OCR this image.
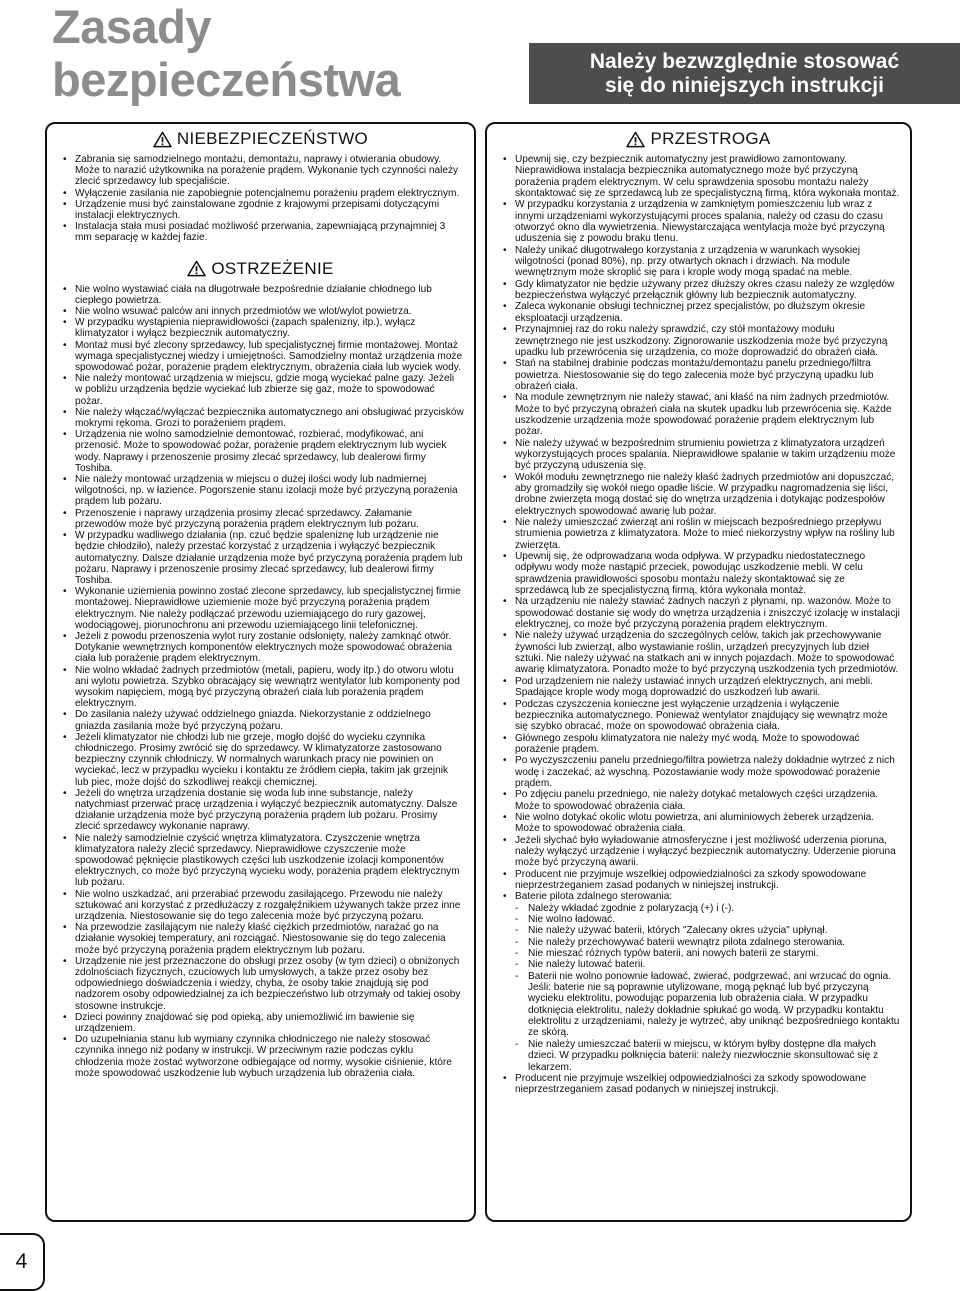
Zasady
bezpieczeństwa	Należy bezwzględnie stosować
się do niniejszych instrukcji
NIEBEZPIECZEŃSTWO
• Zabrania się samodzielnego montażu, demontażu, naprawy i otwierania obudowy. Może to narazić użytkownika na porażenie prądem. Wykonanie tych czynności należy zlecić sprzedawcy lub specjaliście.
• Wyłączenie zasilania nie zapobiegnie potencjalnemu porażeniu prądem elektrycznym.
• Urządzenie musi być zainstalowane zgodnie z krajowymi przepisami dotyczącymi instalacji elektrycznych.
• Instalacja stała musi posiadać możliwość przerwania, zapewniającą przynajmniej 3 mm separację w każdej fazie.
OSTRZEŻENIE
• Nie wolno wystawiać ciała na długotrwałe bezpośrednie działanie chłodnego lub ciepłego powietrza.
• Nie wolno wsuwać palców ani innych przedmiotów we wlot/wylot powietrza.
• W przypadku wystąpienia nieprawidłowości (zapach spalenizny, itp.), wyłącz klimatyzator i wyłącz bezpiecznik automatyczny.
• Montaż musi być zlecony sprzedawcy, lub specjalistycznej firmie montażowej. Montaż wymaga specjalistycznej wiedzy i umiejętności. Samodzielny montaż urządzenia może spowodować pożar, porażenie prądem elektrycznym, obrażenia ciała lub wyciek wody.
• Nie należy montować urządzenia w miejscu, gdzie mogą wyciekać palne gazy. Jeżeli w pobliżu urządzenia będzie wyciekać lub zbierze się gaz, może to spowodować pożar.
• Nie należy włączać/wyłączać bezpiecznika automatycznego ani obsługiwać przycisków mokrymi rękoma. Grozi to porażeniem prądem.
• Urządzenia nie wolno samodzielnie demontować, rozbierać, modyfikować, ani przenosić. Może to spowodować pożar, porażenie prądem elektrycznym lub wyciek wody. Naprawy i przenoszenie prosimy zlecać sprzedawcy, lub dealerowi firmy Toshiba.
• Nie należy montować urządzenia w miejscu o dużej ilości wody lub nadmiernej wilgotności, np. w łazience. Pogorszenie stanu izolacji może być przyczyną porażenia prądem lub pożaru.
• Przenoszenie i naprawy urządzenia prosimy zlecać sprzedawcy. Załamanie przewodów może być przyczyną porażenia prądem elektrycznym lub pożaru.
• W przypadku wadliwego działania (np. czuć będzie spaleniznę lub urządzenie nie będzie chłodziło), należy przestać korzystać z urządzenia i wyłączyć bezpiecznik automatyczny. Dalsze działanie urządzenia może być przyczyną porażenia prądem lub pożaru. Naprawy i przenoszenie prosimy zlecać sprzedawcy, lub dealerowi firmy Toshiba.
• Wykonanie uziemienia powinno zostać zlecone sprzedawcy, lub specjalistycznej firmie montażowej. Nieprawidłowe uziemienie może być przyczyną porażenia prądem elektrycznym. Nie należy podłączać przewodu uziemiającego do rury gazowej, wodociągowej, piorunochronu ani przewodu uziemiającego linii telefonicznej.
• Jeżeli z powodu przenoszenia wylot rury zostanie odsłonięty, należy zamknąć otwór. Dotykanie wewnętrznych komponentów elektrycznych może spowodować obrażenia ciała lub porażenie prądem elektrycznym.
• Nie wolno wkładać żadnych przedmiotów (metali, papieru, wody itp.) do otworu wlotu ani wylotu powietrza. Szybko obracający się wewnątrz wentylator lub komponenty pod wysokim napięciem, mogą być przyczyną obrażeń ciała lub porażenia prądem elektrycznym.
• Do zasilania należy używać oddzielnego gniazda. Niekorzystanie z oddzielnego gniazda zasilania może być przyczyną pożaru.
• Jeżeli klimatyzator nie chłodzi lub nie grzeje, mogło dojść do wycieku czynnika chłodniczego. Prosimy zwrócić się do sprzedawcy. W klimatyzatorze zastosowano bezpieczny czynnik chłodniczy. W normalnych warunkach pracy nie powinien on wyciekać, lecz w przypadku wycieku i kontaktu ze źródłem ciepła, takim jak grzejnik lub piec, może dojść do szkodliwej reakcji chemicznej.
• Jeżeli do wnętrza urządzenia dostanie się woda lub inne substancje, należy natychmiast przerwać pracę urządzenia i wyłączyć bezpiecznik automatyczny. Dalsze działanie urządzenia może być przyczyną porażenia prądem lub pożaru. Prosimy zlecić sprzedawcy wykonanie naprawy.
• Nie należy samodzielnie czyścić wnętrza klimatyzatora. Czyszczenie wnętrza klimatyzatora należy zlecić sprzedawcy. Nieprawidłowe czyszczenie może spowodować pęknięcie plastikowych części lub uszkodzenie izolacji komponentów elektrycznych, co może być przyczyną wycieku wody, porażenia prądem elektrycznym lub pożaru.
• Nie wolno uszkadzać, ani przerabiać przewodu zasilającego. Przewodu nie należy sztukować ani korzystać z przedłużaczy z rozgałęźnikiem używanych także przez inne urządzenia. Niestosowanie się do tego zalecenia może być przyczyną pożaru.
• Na przewodzie zasilającym nie należy kłaść ciężkich przedmiotów, narażać go na działanie wysokiej temperatury, ani rozciągać. Niestosowanie się do tego zalecenia może być przyczyną porażenia prądem elektrycznym lub pożaru.
• Urządzenie nie jest przeznaczone do obsługi przez osoby (w tym dzieci) o obniżonych zdolnościach fizycznych, czuciowych lub umysłowych, a także przez osoby bez odpowiedniego doświadczenia i wiedzy, chyba, że osoby takie znajdują się pod nadzorem osoby odpowiedzialnej za ich bezpieczeństwo lub otrzymały od takiej osoby stosowne instrukcje.
• Dzieci powinny znajdować się pod opieką, aby uniemożliwić im bawienie się urządzeniem.
• Do uzupełniania stanu lub wymiany czynnika chłodniczego nie należy stosować czynnika innego niż podany w instrukcji. W przeciwnym razie podczas cyklu chłodzenia może zostać wytworzone odbiegające od normy, wysokie ciśnienie, które może spowodować uszkodzenie lub wybuch urządzenia lub obrażenia ciała.
PRZESTROGA
• Upewnij się, czy bezpiecznik automatyczny jest prawidłowo zamontowany. Nieprawidłowa instalacja bezpiecznika automatycznego może być przyczyną porażenia prądem elektrycznym. W celu sprawdzenia sposobu montażu należy skontaktować się ze sprzedawcą lub ze specjalistyczną firmą, która wykonała montaż.
• W przypadku korzystania z urządzenia w zamkniętym pomieszczeniu lub wraz z innymi urządzeniami wykorzystującymi proces spalania, należy od czasu do czasu otworzyć okno dla wywietrzenia. Niewystarczająca wentylacja może być przyczyną uduszenia się z powodu braku tlenu.
• Należy unikać długotrwałego korzystania z urządzenia w warunkach wysokiej wilgotności (ponad 80%), np. przy otwartych oknach i drzwiach. Na module wewnętrznym może skroplić się para i krople wody mogą spadać na meble.
• Gdy klimatyzator nie będzie używany przez dłuższy okres czasu należy ze względów bezpieczeństwa wyłączyć przełącznik główny lub bezpiecznik automatyczny.
• Zaleca wykonanie obsługi technicznej przez specjalistów, po dłuższym okresie eksploatacji urządzenia.
• Przynajmniej raz do roku należy sprawdzić, czy stół montażowy modułu zewnętrznego nie jest uszkodzony. Zignorowanie uszkodzenia może być przyczyną upadku lub przewrócenia się urządzenia, co może doprowadzić do obrażeń ciała.
• Stań na stabilnej drabinie podczas montażu/demontażu panelu przedniego/filtra powietrza. Niestosowanie się do tego zalecenia może być przyczyną upadku lub obrażeń ciała.
• Na module zewnętrznym nie należy stawać, ani kłaść na nim żadnych przedmiotów. Może to być przyczyną obrażeń ciała na skutek upadku lub przewrócenia się. Każde uszkodzenie urządzenia może spowodować porażenie prądem elektrycznym lub pożar.
• Nie należy używać w bezpośrednim strumieniu powietrza z klimatyzatora urządzeń wykorzystujących proces spalania. Nieprawidłowe spalanie w takim urządzeniu może być przyczyną uduszenia się.
• Wokół modułu zewnętrznego nie należy kłaść żadnych przedmiotów ani dopuszczać, aby gromadziły się wokół niego opadłe liście. W przypadku nagromadzenia się liści, drobne zwierzęta mogą dostać się do wnętrza urządzenia i dotykając podzespołów elektrycznych spowodować awarię lub pożar.
• Nie należy umieszczać zwierząt ani roślin w miejscach bezpośredniego przepływu strumienia powietrza z klimatyzatora. Może to mieć niekorzystny wpływ na rośliny lub zwierzęta.
• Upewnij się, że odprowadzana woda odpływa. W przypadku niedostatecznego odpływu wody może nastąpić przeciek, powodując uszkodzenie mebli. W celu sprawdzenia prawidłowości sposobu montażu należy skontaktować się ze sprzedawcą lub ze specjalistyczną firmą, która wykonała montaż.
• Na urządzeniu nie należy stawiać żadnych naczyń z płynami, np. wazonów. Może to spowodować dostanie się wody do wnętrza urządzenia i zniszczyć izolację w instalacji elektrycznej, co może być przyczyną porażenia prądem elektrycznym.
• Nie należy używać urządzenia do szczególnych celów, takich jak przechowywanie żywności lub zwierząt, albo wystawianie roślin, urządzeń precyzyjnych lub dzieł sztuki. Nie należy używać na statkach ani w innych pojazdach. Może to spowodować awarię klimatyzatora. Ponadto może to być przyczyną uszkodzenia tych przedmiotów.
• Pod urządzeniem nie należy ustawiać innych urządzeń elektrycznych, ani mebli. Spadające krople wody mogą doprowadzić do uszkodzeń lub awarii.
• Podczas czyszczenia konieczne jest wyłączenie urządzenia i wyłączenie bezpiecznika automatycznego. Ponieważ wentylator znajdujący się wewnątrz może się szybko obracać, może on spowodować obrażenia ciała.
• Głównego zespołu klimatyzatora nie należy myć wodą. Może to spowodować porażenie prądem.
• Po wyczyszczeniu panelu przedniego/filtra powietrza należy dokładnie wytrzeć z nich wodę i zaczekać, aż wyschną. Pozostawianie wody może spowodować porażenie prądem.
• Po zdjęciu panelu przedniego, nie należy dotykać metalowych części urządzenia. Może to spowodować obrażenia ciała.
• Nie wolno dotykać okolic wlotu powietrza, ani aluminiowych żeberek urządzenia. Może to spowodować obrażenia ciała.
• Jeżeli słychać było wyładowanie atmosferyczne i jest możliwość uderzenia pioruna, należy wyłączyć urządzenie i wyłączyć bezpiecznik automatyczny. Uderzenie pioruna może być przyczyną awarii.
• Producent nie przyjmuje wszelkiej odpowiedzialności za szkody spowodowane nieprzestrzeganiem zasad podanych w niniejszej instrukcji.
• Baterie pilota zdalnego sterowania:
- Należy wkładać zgodnie z polaryzacją (+) i (-).
- Nie wolno ładować.
- Nie należy używać baterii, których "Zalecany okres użycia" upłynął.
- Nie należy przechowywać baterii wewnątrz pilota zdalnego sterowania.
- Nie mieszać różnych typów baterii, ani nowych baterii ze starymi.
- Nie należy lutować baterii.
- Baterii nie wolno ponownie ładować, zwierać, podgrzewać, ani wrzucać do ognia. Jeśli: baterie nie są poprawnie utylizowane, mogą pęknąć lub być przyczyną wycieku elektrolitu, powodując poparzenia lub obrażenia ciała. W przypadku dotknięcia elektrolitu, należy dokładnie spłukać go wodą. W przypadku kontaktu elektrolitu z urządzeniami, należy je wytrzeć, aby uniknąć bezpośredniego kontaktu ze skórą.
- Nie należy umieszczać baterii w miejscu, w którym byłby dostępne dla małych dzieci. W przypadku połknięcia baterii: należy niezwłocznie skonsultować się z lekarzem.
• Producent nie przyjmuje wszelkiej odpowiedzialności za szkody spowodowane nieprzestrzeganiem zasad podanych w niniejszej instrukcji.
4
